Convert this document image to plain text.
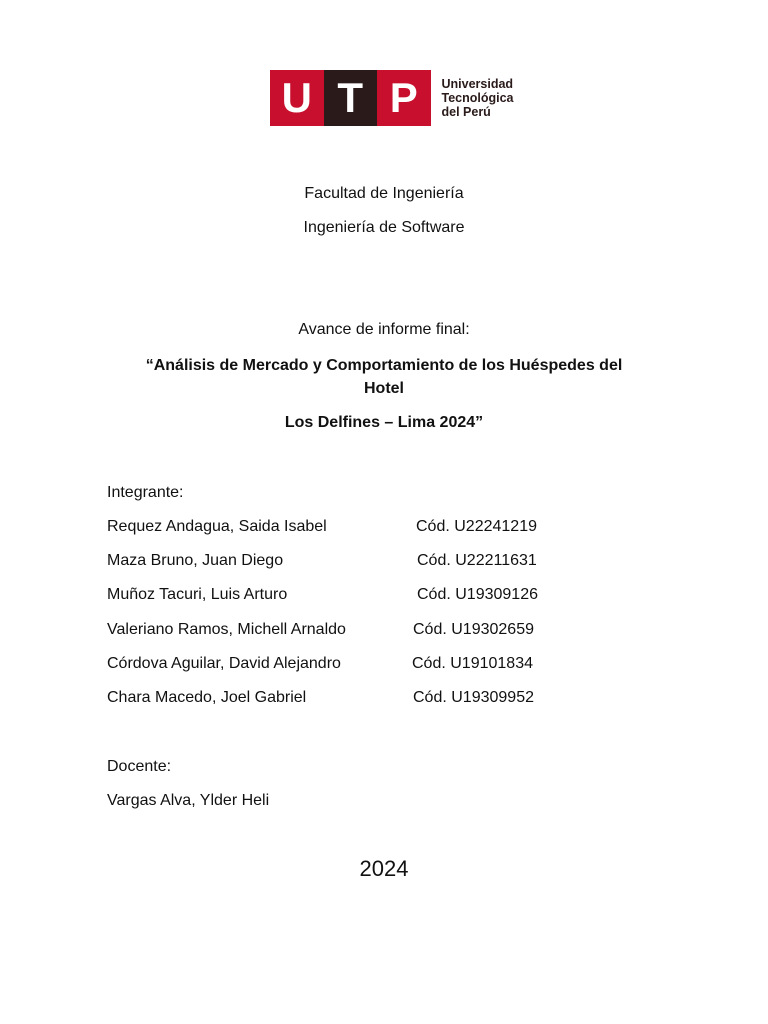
U T P	Universidad
Tecnológica
del Perú
Facultad de Ingeniería
Ingeniería de Software
Avance de informe final:
“Análisis de Mercado y Comportamiento de los Huéspedes del
Hotel
Los Delfines – Lima 2024”
Integrante:
Requez Andagua, Saida Isabel	Cód. U22241219
Maza Bruno, Juan Diego	Cód. U22211631
Muñoz Tacuri, Luis Arturo	Cód. U19309126
Valeriano Ramos, Michell Arnaldo	Cód. U19302659
Córdova Aguilar, David Alejandro	Cód. U19101834
Chara Macedo, Joel Gabriel	Cód. U19309952
Docente:
Vargas Alva, Ylder Heli
2024
